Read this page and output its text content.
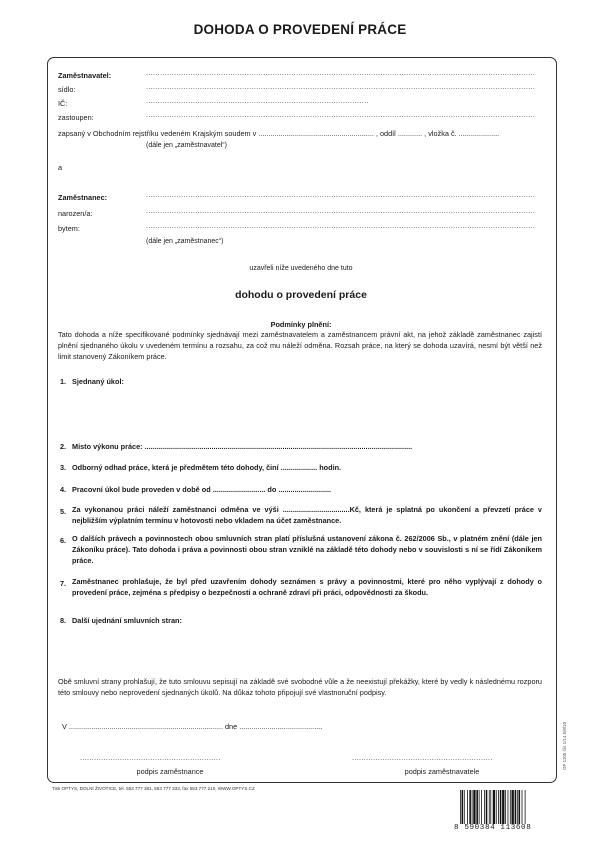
DOHODA O PROVEDENÍ PRÁCE
Zaměstnavatel:	......................................................................................................................................................................
sídlo:	......................................................................................................................................................................
IČ:	...............................................................................................
zastoupen:	......................................................................................................................................................................
zapsaný v Obchodním rejstříku vedeném Krajským soudem v ......................................................... , oddíl ............ , vložka č. ....................
(dále jen „zaměstnavatel“)
a
Zaměstnanec:	......................................................................................................................................................................
narozen/a:	......................................................................................................................................................................
bytem:	......................................................................................................................................................................
(dále jen „zaměstnanec“)
uzavřeli níže uvedeného dne tuto
dohodu o provedení práce
Podmínky plnění:
Tato dohoda a níže specifikované podmínky sjednávají mezi zaměstnavatelem a zaměstnancem právní akt, na jehož základě zaměstnanec zajistí plnění sjednaného úkolu v uvedeném termínu a rozsahu, za což mu náleží odměna. Rozsah práce, na který se dohoda uzavírá, nesmí být větší než limit stanovený Zákoníkem práce.
1. Sjednaný úkol:
2. Místo výkonu práce: ....................................................................................................................................
3. Odborný odhad práce, která je předmětem této dohody, činí .................. hodin.
4. Pracovní úkol bude proveden v době od .......................... do ..........................
5. Za vykonanou práci náleží zaměstnanci odměna ve výši .................................Kč, která je splatná po ukončení a převzetí práce v nejbližším výplatním termínu v hotovosti nebo vkladem na účet zaměstnance.
6. O dalších právech a povinnostech obou smluvních stran platí příslušná ustanovení zákona č. 262/2006 Sb., v platném znění (dále jen Zákoníku práce). Tato dohoda i práva a povinnosti obou stran vzniklé na základě této dohody nebo v souvislosti s ní se řídí Zákoníkem práce.
7. Zaměstnanec prohlašuje, že byl před uzavřením dohody seznámen s právy a povinnostmi, které pro něho vyplývají z dohody o provedení práce, zejména s předpisy o bezpečnosti a ochraně zdraví při práci, odpovědnosti za škodu.
8. Další ujednání smluvních stran:
Obě smluvní strany prohlašují, že tuto smlouvu sepisují na základě své svobodné vůle a že neexistují překážky, které by vedly k následnému rozporu této smlouvy nebo neprovedení sjednaných úkolů. Na důkaz tohoto připojují své vlastnoruční podpisy.
V ............................................................................ dne .........................................
............................................................	............................................................
podpis zaměstnance	podpis zaměstnavatele
OP 1105 čís 1/14 5/8/10
Tisk OPTYS, DOLNÍ ŽIVOTICE, tel. 553 777 381, 553 777 333, fax 553 777 210, WWW.OPTYS.CZ
8 590384 113608
